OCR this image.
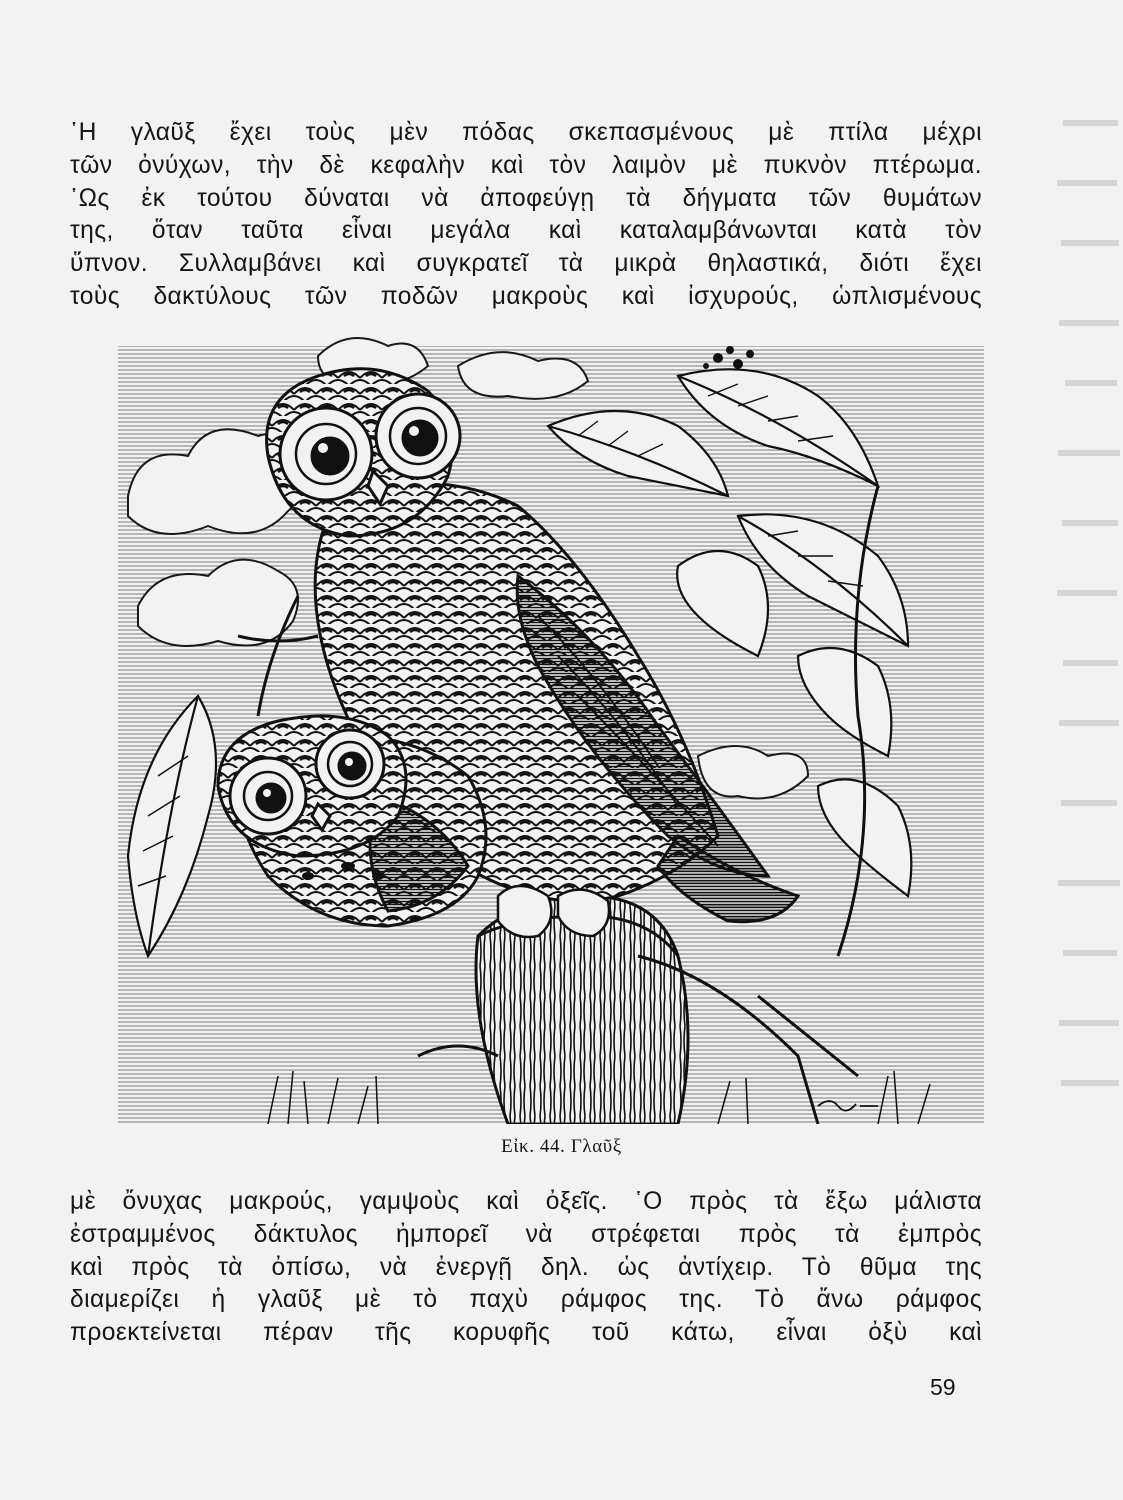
῾Η γλαῦξ ἔχει τοὺς μὲν πόδας σκεπασμένους μὲ πτίλα μέχρι
τῶν ὀνύχων, τὴν δὲ κεφαλὴν καὶ τὸν λαιμὸν μὲ πυκνὸν πτέρωμα.
῾Ως ἐκ τούτου δύναται νὰ ἀποφεύγῃ τὰ δήγματα τῶν θυμάτων
της, ὅταν ταῦτα εἶναι μεγάλα καὶ καταλαμβάνωνται κατὰ τὸν
ὕπνον. Συλλαμβάνει καὶ συγκρατεῖ τὰ μικρὰ θηλαστικά, διότι ἔχει
τοὺς δακτύλους τῶν ποδῶν μακροὺς καὶ ἰσχυρούς, ὡπλισμένους
Εἰκ. 44. Γλαῦξ
μὲ ὄνυχας μακρούς, γαμψοὺς καὶ ὀξεῖς. ῾Ο πρὸς τὰ ἔξω μάλιστα
ἐστραμμένος δάκτυλος ἠμπορεῖ νὰ στρέφεται πρὸς τὰ ἐμπρὸς
καὶ πρὸς τὰ ὀπίσω, νὰ ἐνεργῇ δηλ. ὡς ἀντίχειρ. Τὸ θῦμα της
διαμερίζει ἡ γλαῦξ μὲ τὸ παχὺ ράμφος της. Τὸ ἄνω ράμφος
προεκτείνεται πέραν τῆς κορυφῆς τοῦ κάτω, εἶναι ὀξὺ καὶ
59
